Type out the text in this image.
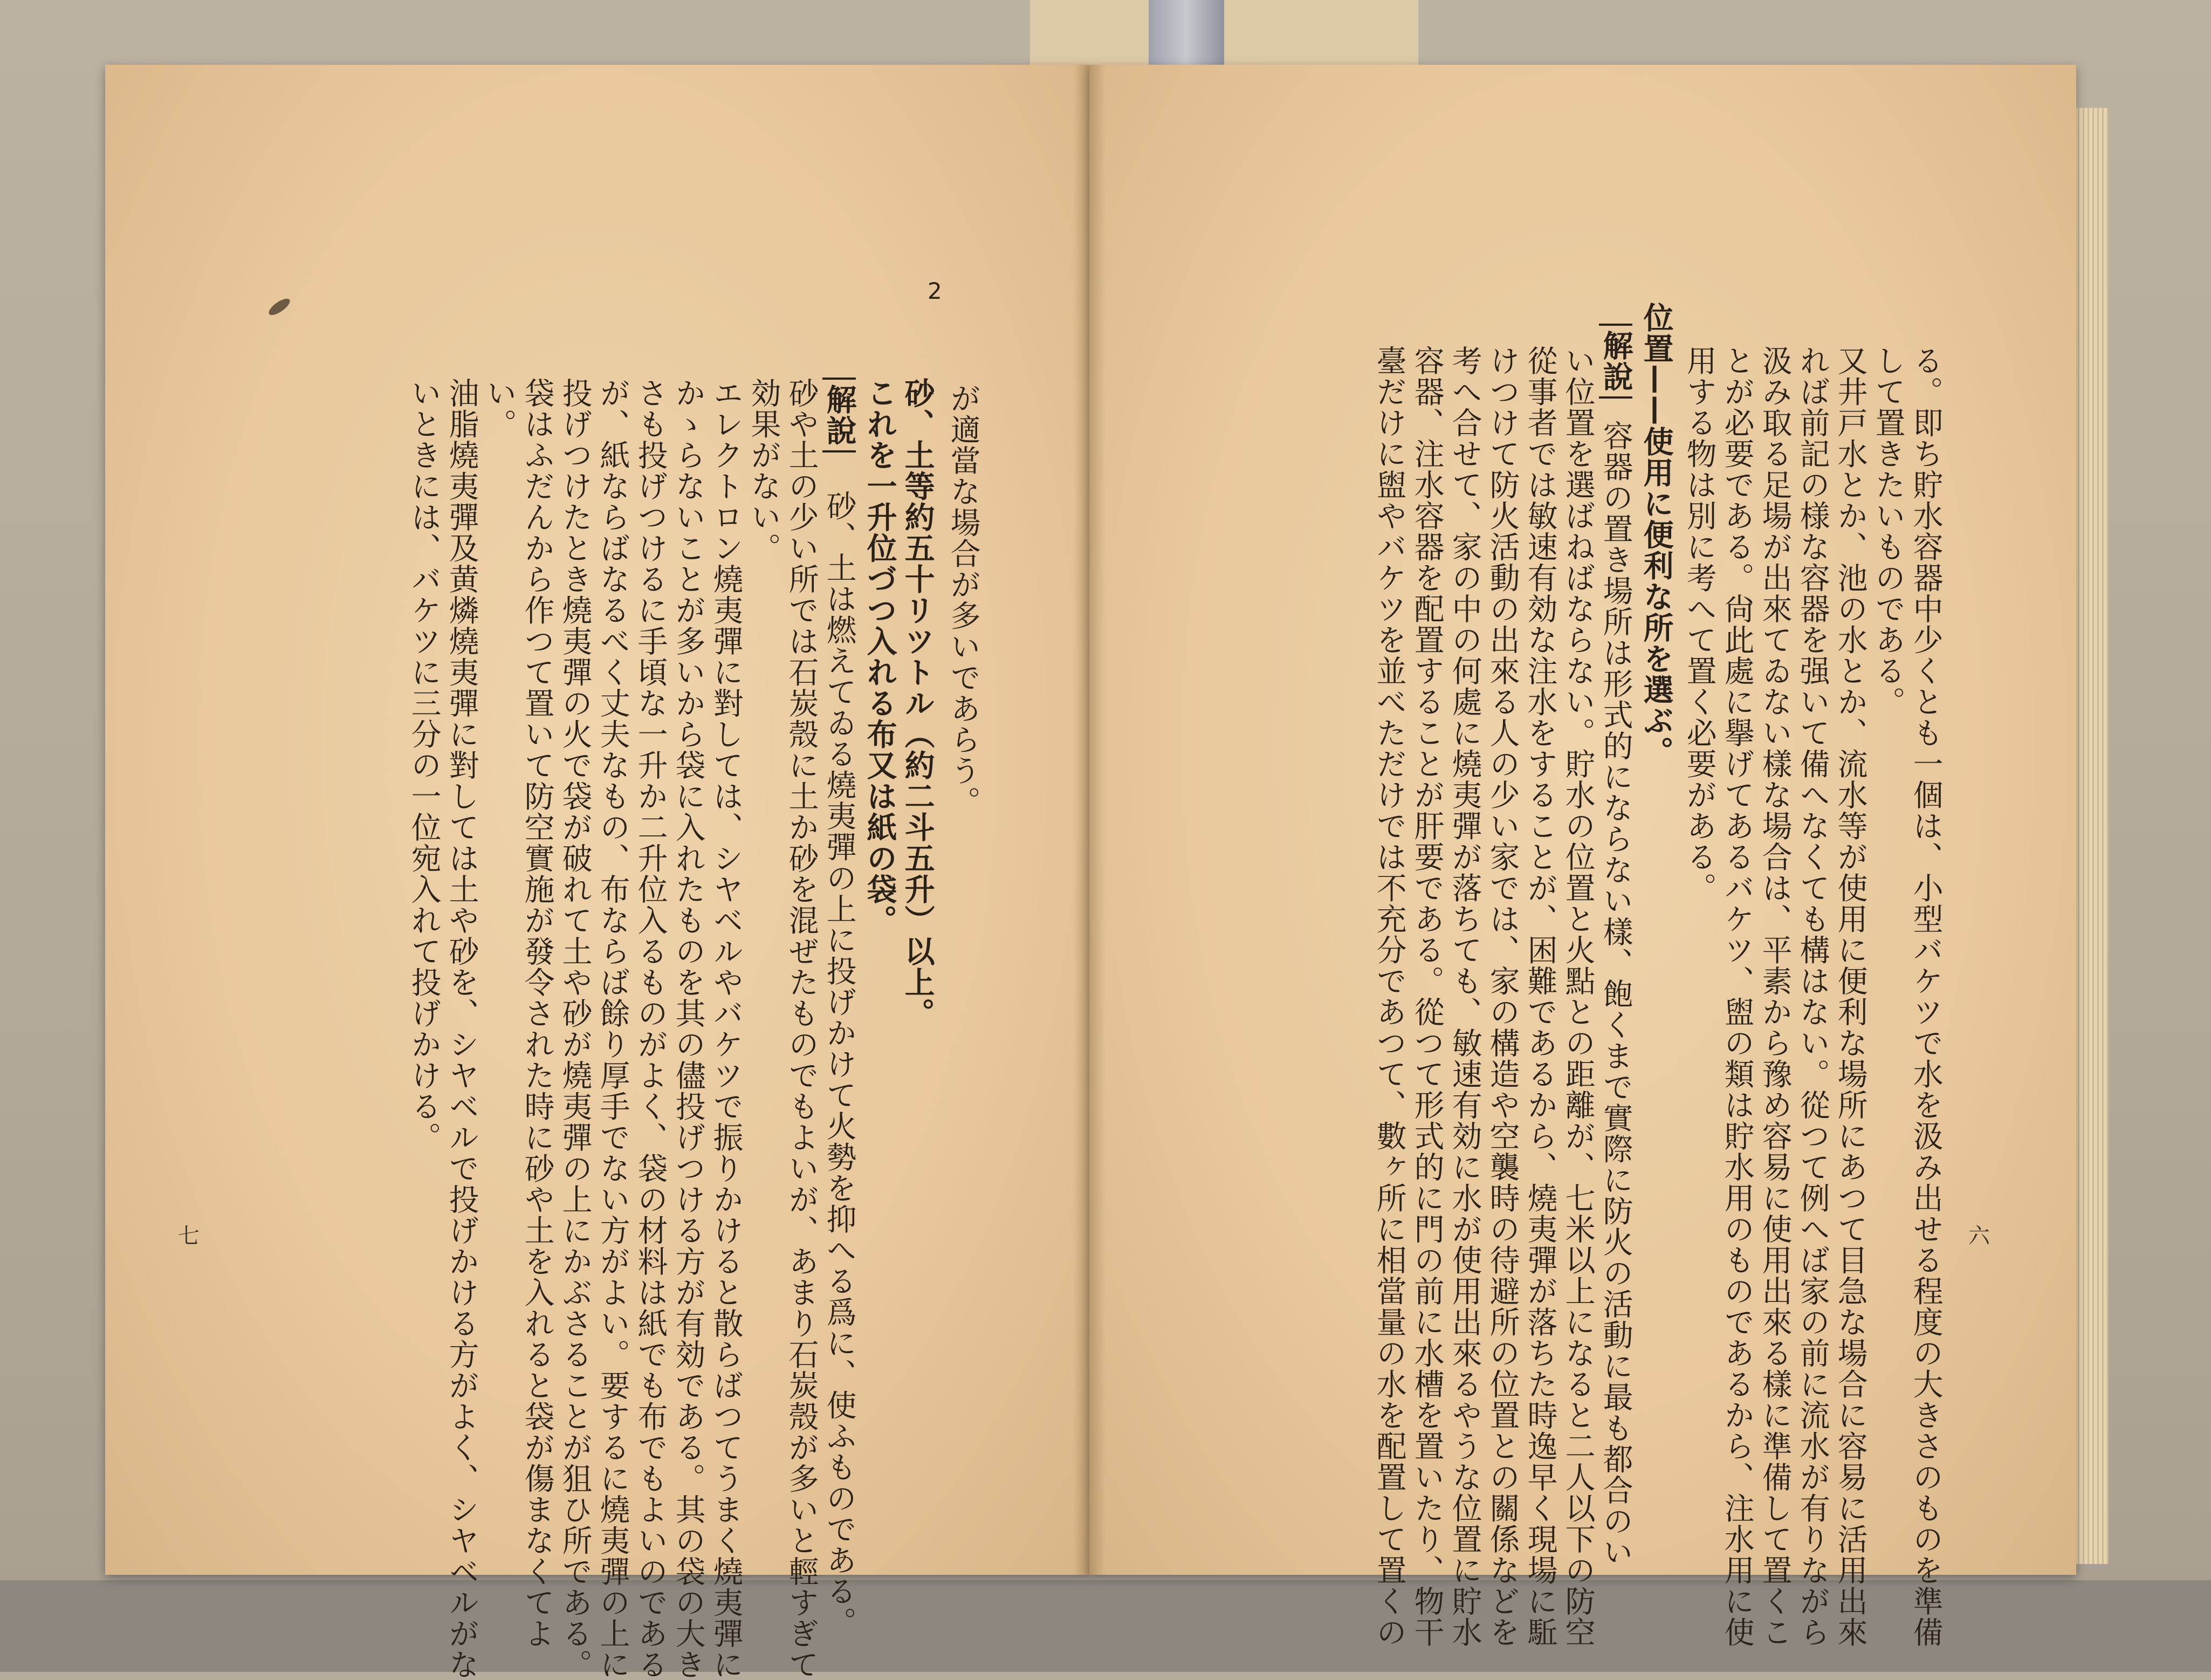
が適當な場合が多いであらう。
2
砂、土等約五十リツトル（約二斗五升）以上。
これを一升位づつ入れる布又は紙の袋。
解說砂、土は燃えてゐる燒夷彈の上に投げかけて火勢を抑へる爲に、使ふものである。
砂や土の少い所では石炭殼に土か砂を混ぜたものでもよいが、あまり石炭殼が多いと輕すぎて
効果がない。
エレクトロン燒夷彈に對しては、シヤベルやバケツで振りかけると散らばつてうまく燒夷彈に
かゝらないことが多いから袋に入れたものを其の儘投げつける方が有効である。其の袋の大き
さも投げつけるに手頃な一升か二升位入るものがよく、袋の材料は紙でも布でもよいのである
が、紙ならばなるべく丈夫なもの、布ならば餘り厚手でない方がよい。要するに燒夷彈の上に
投げつけたとき燒夷彈の火で袋が破れて土や砂が燒夷彈の上にかぶさることが狙ひ所である。
袋はふだんから作つて置いて防空實施が發令された時に砂や土を入れると袋が傷まなくてよ
い。
油脂燒夷彈及黄燐燒夷彈に對しては土や砂を、シヤベルで投げかける方がよく、シヤベルがな
いときには、バケツに三分の一位宛入れて投げかける。
七	六
る。即ち貯水容器中少くとも一個は、小型バケツで水を汲み出せる程度の大きさのものを準備
して置きたいものである。
又井戸水とか、池の水とか、流水等が使用に便利な場所にあつて目急な場合に容易に活用出來
れば前記の様な容器を强いて備へなくても構はない。從つて例へば家の前に流水が有りながら
汲み取る足場が出來てゐない樣な場合は、平素から豫め容易に使用出來る樣に準備して置くこ
とが必要である。尙此處に擧げてあるバケツ、盥の類は貯水用のものであるから、注水用に使
用する物は別に考へて置く必要がある。
位置——使用に便利な所を選ぶ。
解說容器の置き場所は形式的にならない樣、飽くまで實際に防火の活動に最も都合のい
い位置を選ばねばならない。貯水の位置と火點との距離が、七米以上になると二人以下の防空
從事者では敏速有効な注水をすることが、困難であるから、燒夷彈が落ちた時逸早く現場に駈
けつけて防火活動の出來る人の少い家では、家の構造や空襲時の待避所の位置との關係などを
考へ合せて、家の中の何處に燒夷彈が落ちても、敏速有効に水が使用出來るやうな位置に貯水
容器、注水容器を配置することが肝要である。從つて形式的に門の前に水槽を置いたり、物干
臺だけに盥やバケツを並べただけでは不充分であつて、數ヶ所に相當量の水を配置して置くの
